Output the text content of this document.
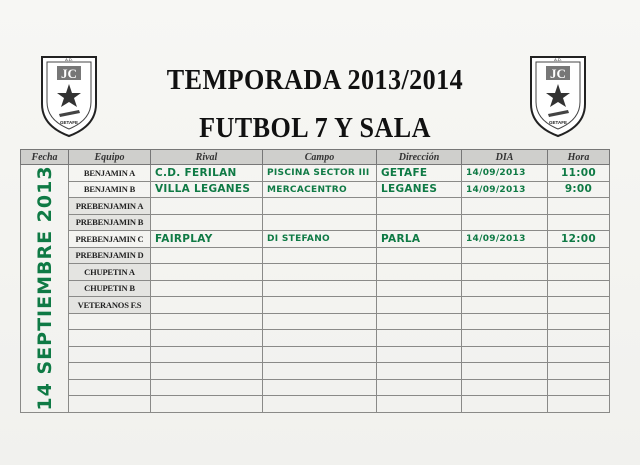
JC
A.D.
GETAFE
JC
A.D.
GETAFE
TEMPORADA 2013/2014
FUTBOL 7 Y SALA
Fecha	Equipo	Rival	Campo	Dirección	DIA	Hora

14 SEPTIEMBRE 2013	BENJAMIN A	C.D. FERILAN	PISCINA SECTOR III	GETAFE	14/09/2013	11:00
	BENJAMIN B	VILLA LEGANES	MERCACENTRO	LEGANES	14/09/2013	9:00
	PREBENJAMIN A					
	PREBENJAMIN B					
	PREBENJAMIN C	FAIRPLAY	DI STEFANO	PARLA	14/09/2013	12:00
	PREBENJAMIN D					
	CHUPETIN A					
	CHUPETIN B					
	VETERANOS F.S					
